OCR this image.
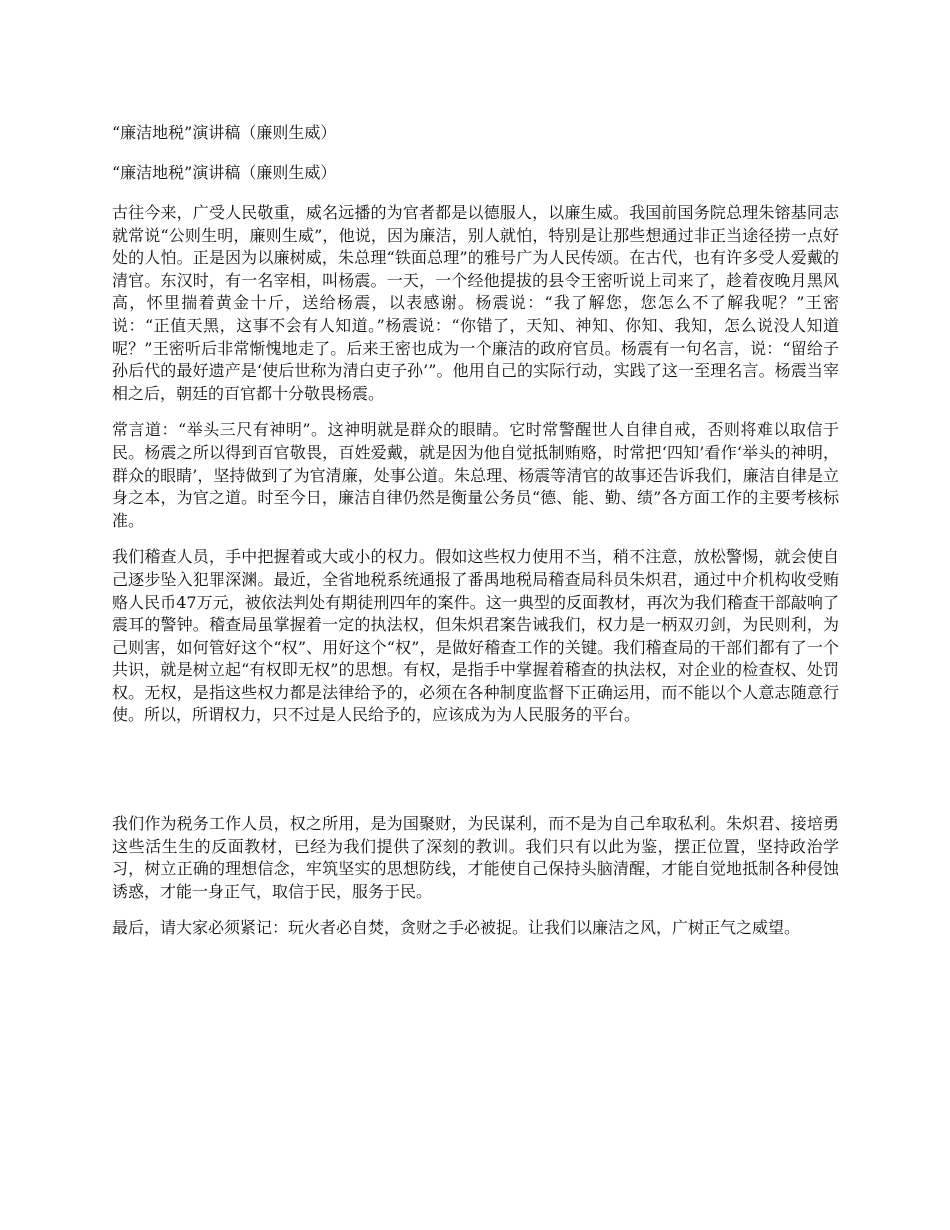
“廉洁地税”演讲稿（廉则生威）
“廉洁地税”演讲稿（廉则生威）

古往今来，广受人民敬重，威名远播的为官者都是以德服人，以廉生威。我国前国务院总理朱镕基同志就常说“公则生明，廉则生威”，他说，因为廉洁，别人就怕，特别是让那些想通过非正当途径捞一点好处的人怕。正是因为以廉树威，朱总理“铁面总理”的雅号广为人民传颂。在古代，也有许多受人爱戴的清官。东汉时，有一名宰相，叫杨震。一天，一个经他提拔的县令王密听说上司来了，趁着夜晚月黑风高，怀里揣着黄金十斤，送给杨震，以表感谢。杨震说：“我了解您，您怎么不了解我呢？”王密说：“正值天黑，这事不会有人知道。”杨震说：“你错了，天知、神知、你知、我知，怎么说没人知道呢？”王密听后非常惭愧地走了。后来王密也成为一个廉洁的政府官员。杨震有一句名言，说：“留给子孙后代的最好遗产是‘使后世称为清白吏子孙’”。他用自己的实际行动，实践了这一至理名言。杨震当宰相之后，朝廷的百官都十分敬畏杨震。

常言道：“举头三尺有神明”。这神明就是群众的眼睛。它时常警醒世人自律自戒，否则将难以取信于民。杨震之所以得到百官敬畏，百姓爱戴，就是因为他自觉抵制贿赂，时常把‘四知’看作‘举头的神明，群众的眼睛’，坚持做到了为官清廉，处事公道。朱总理、杨震等清官的故事还告诉我们，廉洁自律是立身之本，为官之道。时至今日，廉洁自律仍然是衡量公务员“德、能、勤、绩”各方面工作的主要考核标准。

我们稽查人员，手中把握着或大或小的权力。假如这些权力使用不当，稍不注意，放松警惕，就会使自己逐步坠入犯罪深渊。最近，全省地税系统通报了番禺地税局稽查局科员朱炽君，通过中介机构收受贿赂人民币47万元，被依法判处有期徒刑四年的案件。这一典型的反面教材，再次为我们稽查干部敲响了震耳的警钟。稽查局虽掌握着一定的执法权，但朱炽君案告诫我们，权力是一柄双刃剑，为民则利，为己则害，如何管好这个“权”、用好这个“权”，是做好稽查工作的关键。我们稽查局的干部们都有了一个共识，就是树立起“有权即无权”的思想。有权，是指手中掌握着稽查的执法权，对企业的检查权、处罚权。无权，是指这些权力都是法律给予的，必须在各种制度监督下正确运用，而不能以个人意志随意行使。所以，所谓权力，只不过是人民给予的，应该成为为人民服务的平台。

我们作为税务工作人员，权之所用，是为国聚财，为民谋利，而不是为自己牟取私利。朱炽君、接培勇这些活生生的反面教材，已经为我们提供了深刻的教训。我们只有以此为鉴，摆正位置，坚持政治学习，树立正确的理想信念，牢筑坚实的思想防线，才能使自己保持头脑清醒，才能自觉地抵制各种侵蚀诱惑，才能一身正气，取信于民，服务于民。

最后，请大家必须紧记：玩火者必自焚，贪财之手必被捉。让我们以廉洁之风，广树正气之威望。
